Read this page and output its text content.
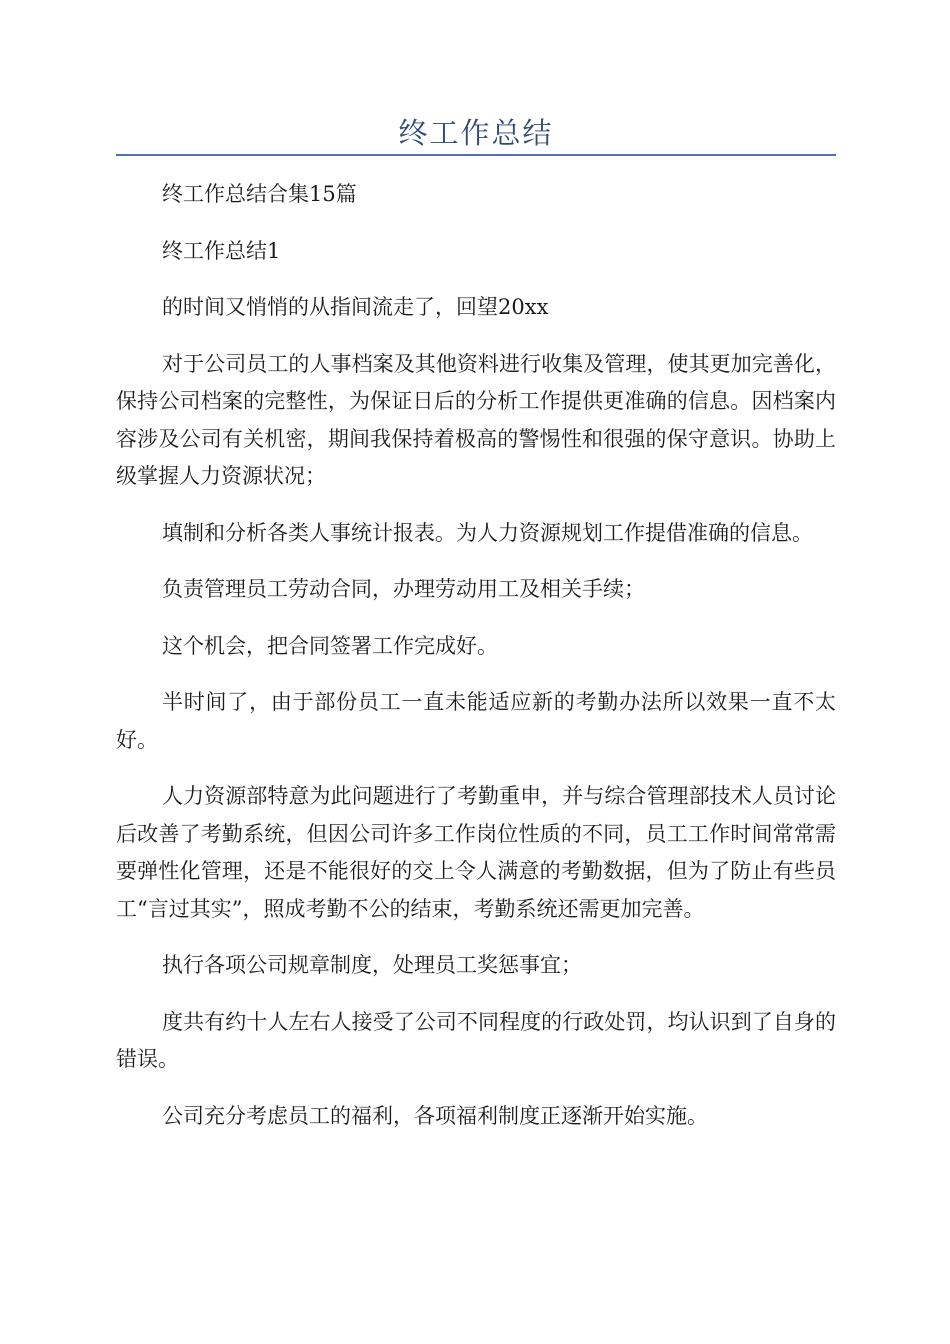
终工作总结

终工作总结合集15篇

终工作总结1

的时间又悄悄的从指间流走了，回望20xx

对于公司员工的人事档案及其他资料进行收集及管理，使其更加完善化，保持公司档案的完整性，为保证日后的分析工作提供更准确的信息。因档案内容涉及公司有关机密，期间我保持着极高的警惕性和很强的保守意识。协助上级掌握人力资源状况；

填制和分析各类人事统计报表。为人力资源规划工作提借准确的信息。

负责管理员工劳动合同，办理劳动用工及相关手续；

这个机会，把合同签署工作完成好。

半时间了，由于部份员工一直未能适应新的考勤办法所以效果一直不太好。

人力资源部特意为此问题进行了考勤重申，并与综合管理部技术人员讨论后改善了考勤系统，但因公司许多工作岗位性质的不同，员工工作时间常常需要弹性化管理，还是不能很好的交上令人满意的考勤数据，但为了防止有些员工“言过其实”，照成考勤不公的结束，考勤系统还需更加完善。

执行各项公司规章制度，处理员工奖惩事宜；

度共有约十人左右人接受了公司不同程度的行政处罚，均认识到了自身的错误。

公司充分考虑员工的福利，各项福利制度正逐渐开始实施。
